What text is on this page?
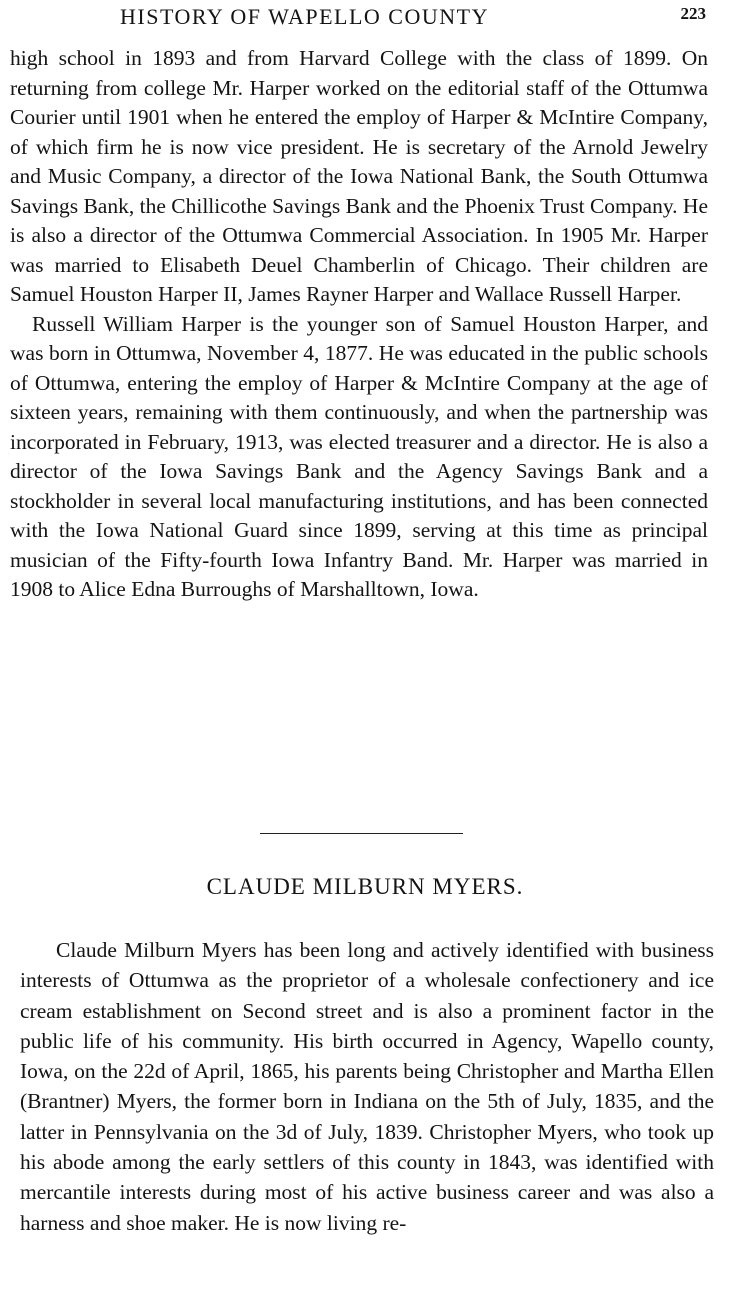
HISTORY OF WAPELLO COUNTY	223

high school in 1893 and from Harvard College with the class of 1899. On returning from college Mr. Harper worked on the editorial staff of the Ottumwa Courier until 1901 when he entered the employ of Harper & McIntire Company, of which firm he is now vice president. He is secretary of the Arnold Jewelry and Music Company, a director of the Iowa National Bank, the South Ottumwa Savings Bank, the Chillicothe Savings Bank and the Phoenix Trust Company. He is also a director of the Ottumwa Commercial Association. In 1905 Mr. Harper was married to Elisabeth Deuel Chamberlin of Chicago. Their children are Samuel Houston Harper II, James Rayner Harper and Wallace Russell Harper.

Russell William Harper is the younger son of Samuel Houston Harper, and was born in Ottumwa, November 4, 1877. He was educated in the public schools of Ottumwa, entering the employ of Harper & McIntire Company at the age of sixteen years, remaining with them continuously, and when the partnership was incorporated in February, 1913, was elected treasurer and a director. He is also a director of the Iowa Savings Bank and the Agency Savings Bank and a stockholder in several local manufacturing institutions, and has been connected with the Iowa National Guard since 1899, serving at this time as principal musician of the Fifty-fourth Iowa Infantry Band. Mr. Harper was married in 1908 to Alice Edna Burroughs of Marshalltown, Iowa.

CLAUDE MILBURN MYERS.

Claude Milburn Myers has been long and actively identified with business interests of Ottumwa as the proprietor of a wholesale confectionery and ice cream establishment on Second street and is also a prominent factor in the public life of his community. His birth occurred in Agency, Wapello county, Iowa, on the 22d of April, 1865, his parents being Christopher and Martha Ellen (Brantner) Myers, the former born in Indiana on the 5th of July, 1835, and the latter in Pennsylvania on the 3d of July, 1839. Christopher Myers, who took up his abode among the early settlers of this county in 1843, was identified with mercantile interests during most of his active business career and was also a harness and shoe maker. He is now living re-
